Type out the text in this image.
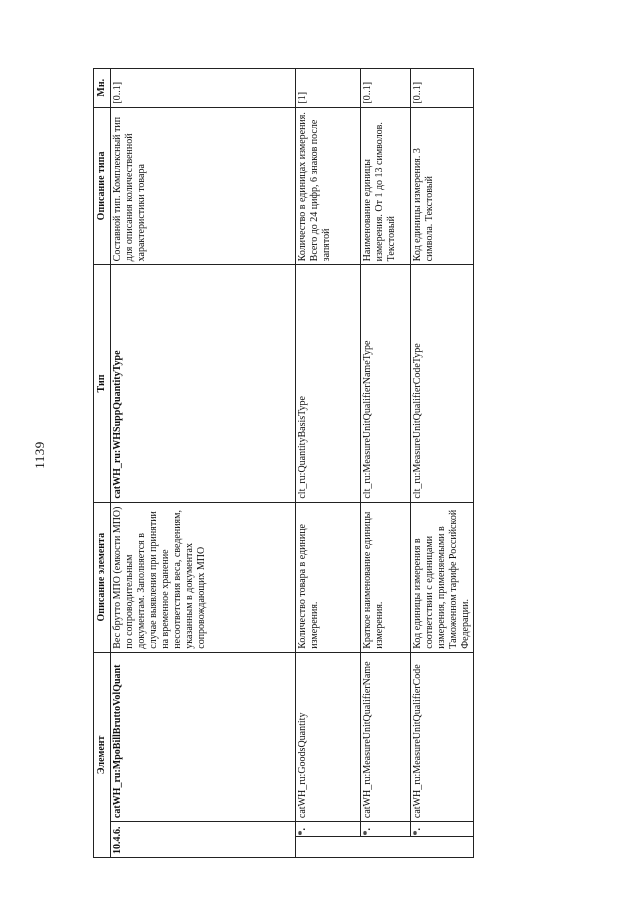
1139
Элемент			Описание элемента	Тип	Описание типа	Мн.
10.4.6.		catWH_ru:MpoBillBruttoVolQuant	Вес брутто МПО (емкости МПО) по сопроводительным документам. Заполняется в случае выявления при принятии на временное хранение несоответствия веса, сведениям, указанным в документах сопровождающих МПО	catWH_ru:WHSuppQuantityType	Составной тип. Комплексный тип для описания количественной характеристики товара	[0..1]
	*.	catWH_ru:GoodsQuantity	Количество товара в единице измерения.	clt_ru:QuantityBasisType	Количество в единицах измерения. Всего до 24 цифр, 6 знаков после запятой	[1]
	*.	catWH_ru:MeasureUnitQualifierName	Краткое наименование единицы измерения.	clt_ru:MeasureUnitQualifierNameType	Наименование единицы измерения. От 1 до 13 символов. Текстовый	[0..1]
	*.	catWH_ru:MeasureUnitQualifierCode	Код единицы измерения в соответствии с единицами измерения, применяемыми в Таможенном тарифе Российской Федерации.	clt_ru:MeasureUnitQualifierCodeType	Код единицы измерения. 3 символа. Текстовый	[0..1]
